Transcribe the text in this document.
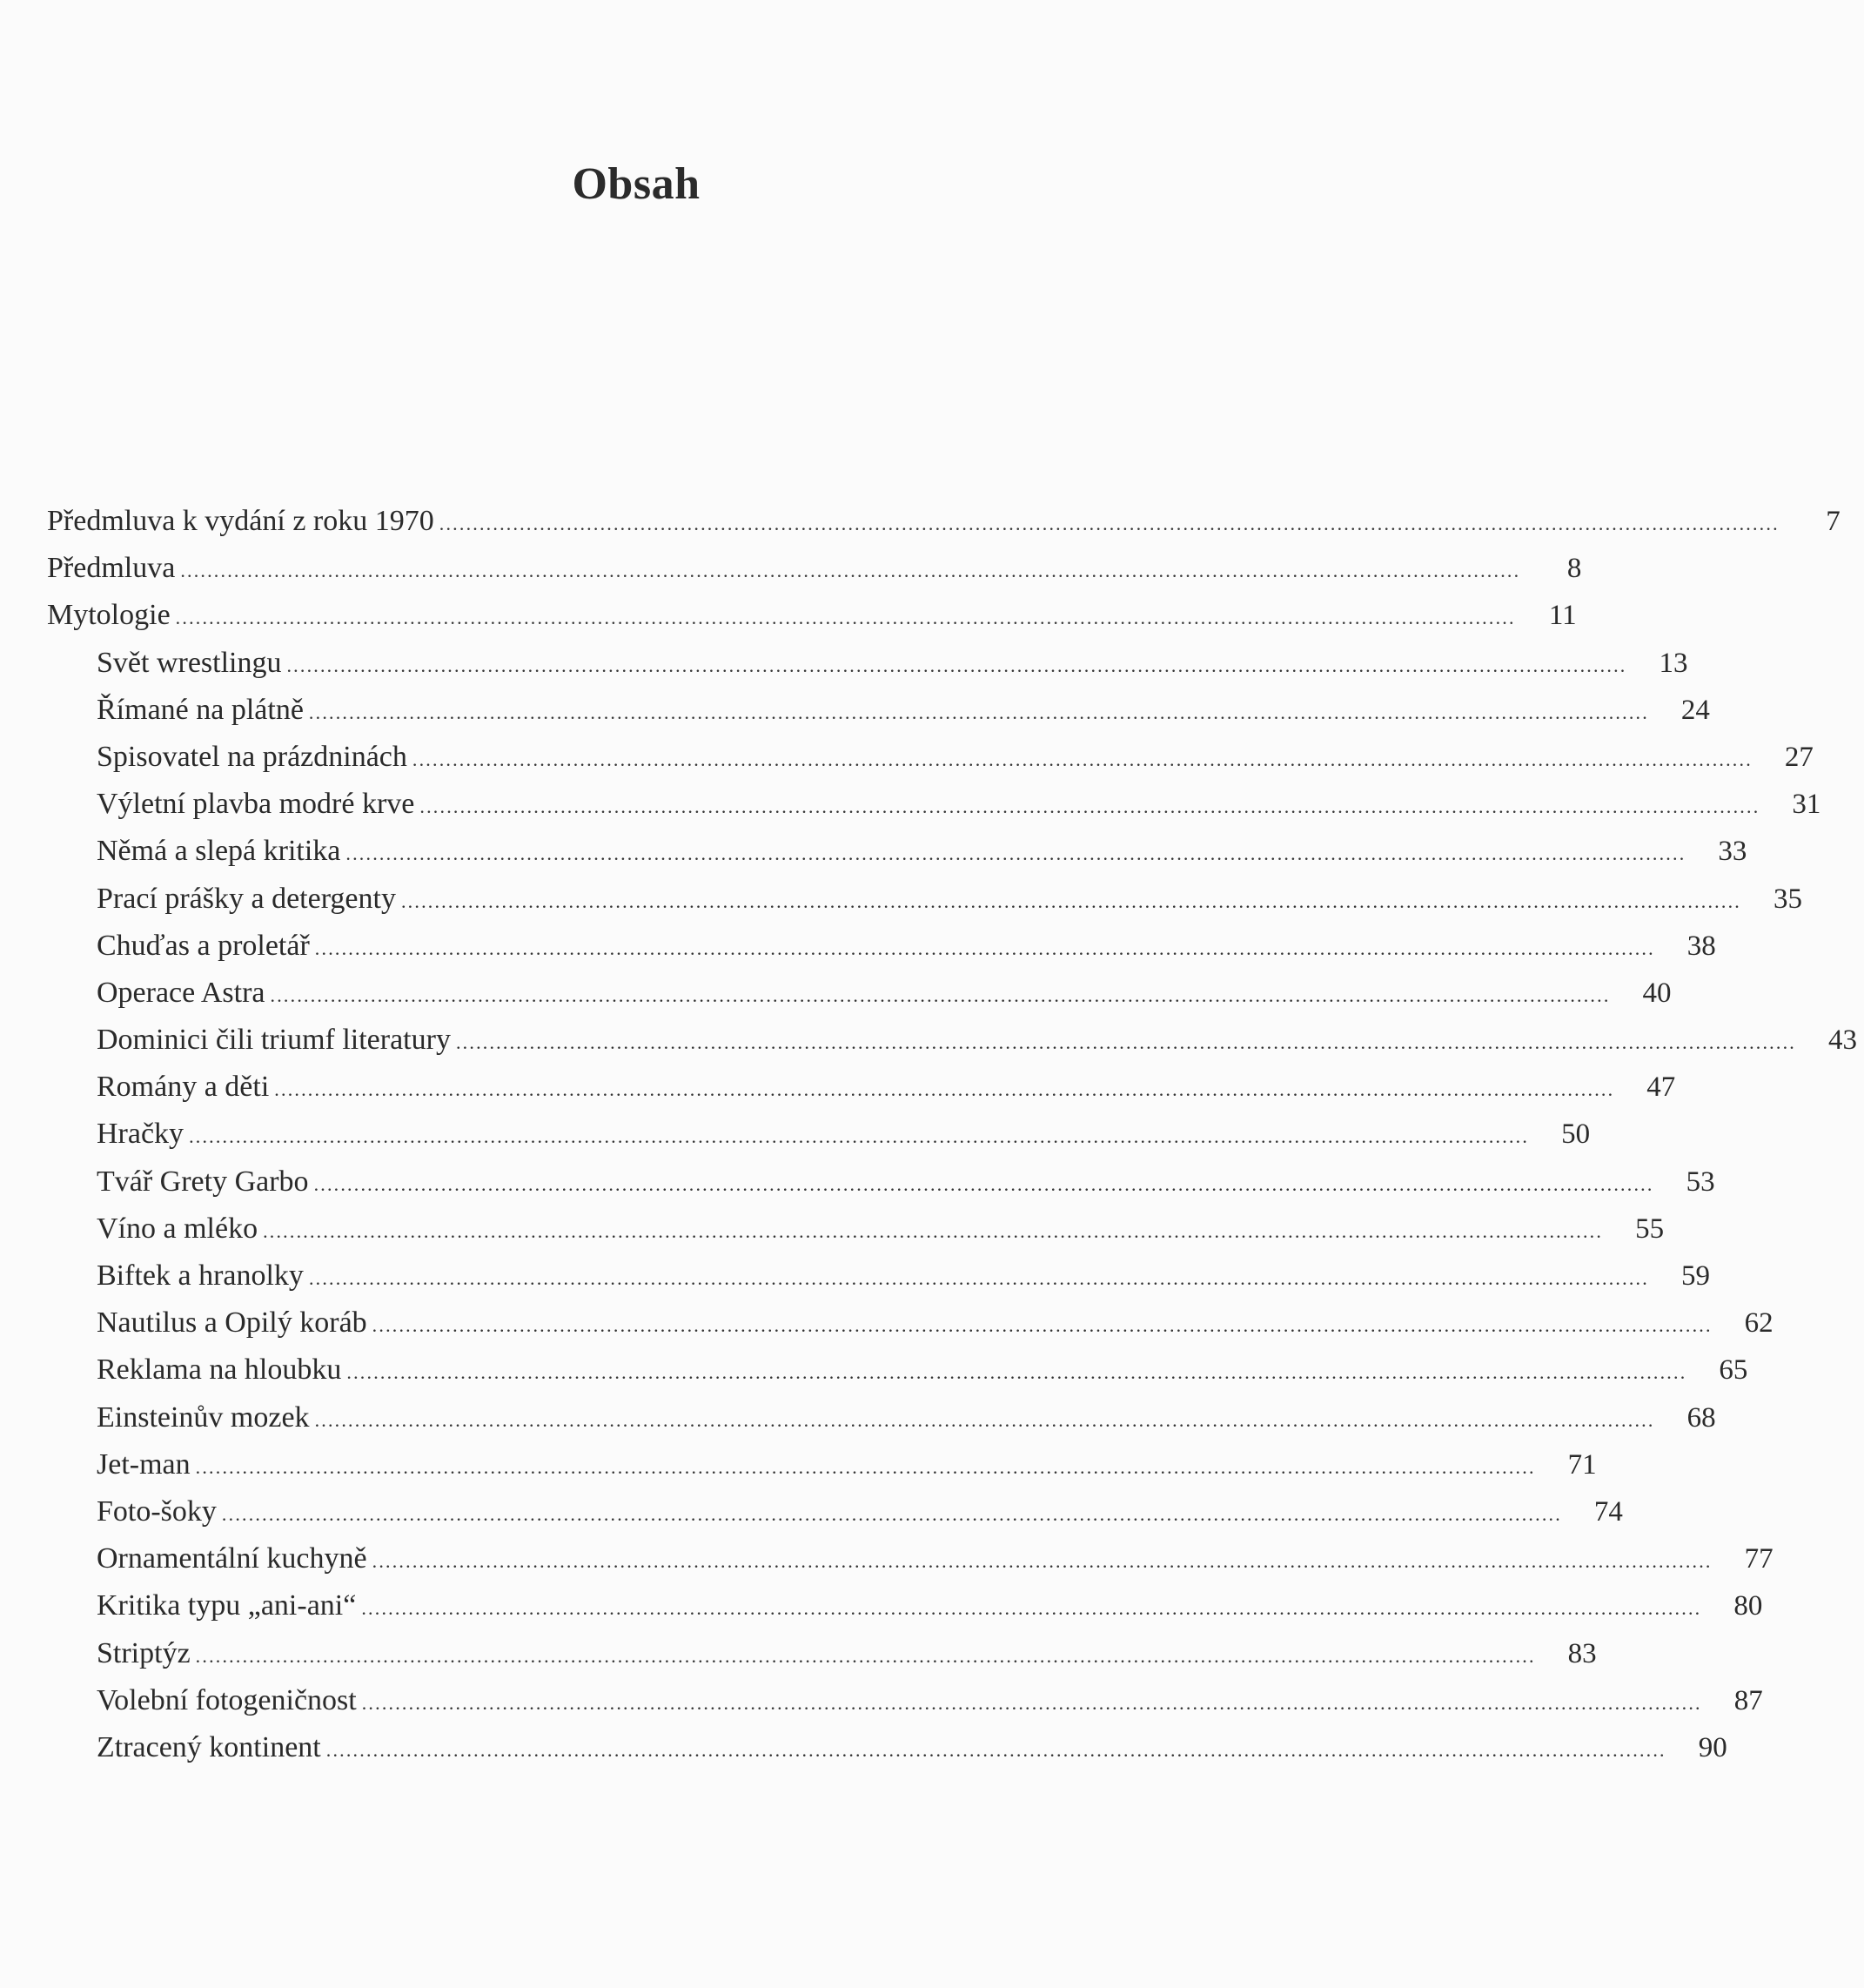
Obsah
Předmluva k vydání z roku 1970 ........................................................................................................................................................................................................	7
Předmluva ........................................................................................................................................................................................................	8
Mytologie ........................................................................................................................................................................................................	11
Svět wrestlingu ........................................................................................................................................................................................................	13
Římané na plátně ........................................................................................................................................................................................................	24
Spisovatel na prázdninách ........................................................................................................................................................................................................	27
Výletní plavba modré krve ........................................................................................................................................................................................................	31
Němá a slepá kritika ........................................................................................................................................................................................................	33
Prací prášky a detergenty ........................................................................................................................................................................................................	35
Chuďas a proletář ........................................................................................................................................................................................................	38
Operace Astra ........................................................................................................................................................................................................	40
Dominici čili triumf literatury ........................................................................................................................................................................................................	43
Romány a děti ........................................................................................................................................................................................................	47
Hračky ........................................................................................................................................................................................................	50
Tvář Grety Garbo ........................................................................................................................................................................................................	53
Víno a mléko ........................................................................................................................................................................................................	55
Biftek a hranolky ........................................................................................................................................................................................................	59
Nautilus a Opilý koráb ........................................................................................................................................................................................................	62
Reklama na hloubku ........................................................................................................................................................................................................	65
Einsteinův mozek ........................................................................................................................................................................................................	68
Jet-man ........................................................................................................................................................................................................	71
Foto-šoky ........................................................................................................................................................................................................	74
Ornamentální kuchyně ........................................................................................................................................................................................................	77
Kritika typu „ani-ani“ ........................................................................................................................................................................................................	80
Striptýz ........................................................................................................................................................................................................	83
Volební fotogeničnost ........................................................................................................................................................................................................	87
Ztracený kontinent ........................................................................................................................................................................................................	90
